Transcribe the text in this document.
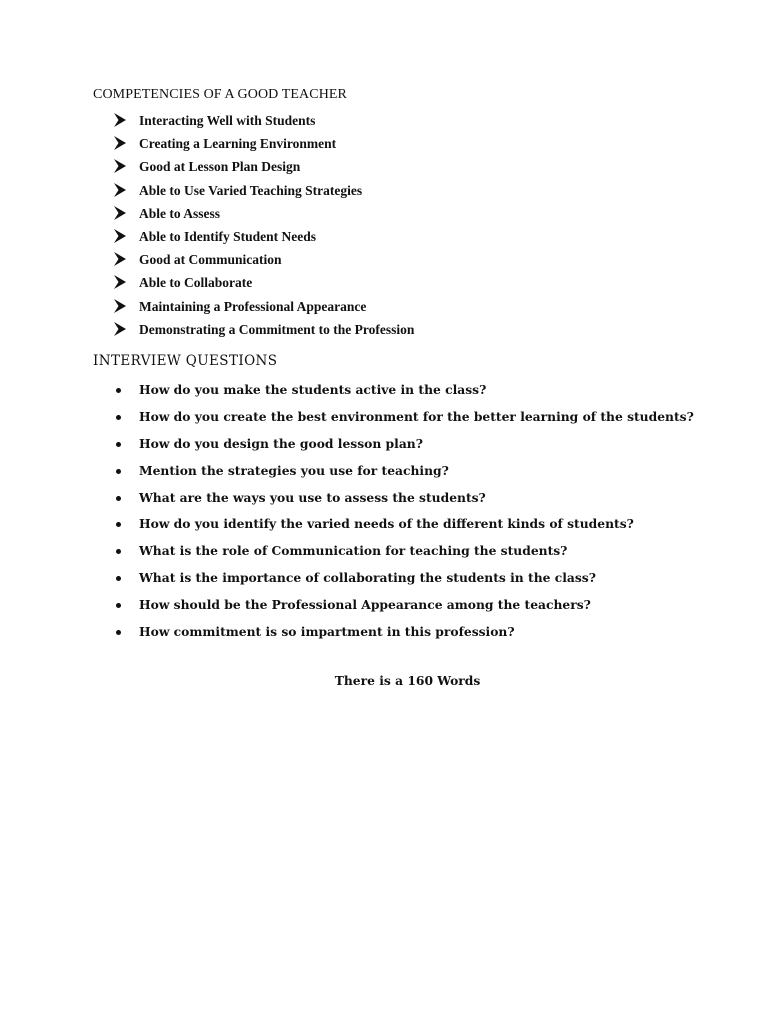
COMPETENCIES OF A GOOD TEACHER
Interacting Well with Students
Creating a Learning Environment
Good at Lesson Plan Design
Able to Use Varied Teaching Strategies
Able to Assess
Able to Identify Student Needs
Good at Communication
Able to Collaborate
Maintaining a Professional Appearance
Demonstrating a Commitment to the Profession
INTERVIEW QUESTIONS
How do you make the students active in the class?
How do you create the best environment for the better learning of the students?
How do you design the good lesson plan?
Mention the strategies you use for teaching?
What are the ways you use to assess the students?
How do you identify the varied needs of the different kinds of students?
What is the role of Communication for teaching the students?
What is the importance of collaborating the students in the class?
How should be the Professional Appearance among the teachers?
How commitment is so impartment in this profession?

There is a 160 Words
